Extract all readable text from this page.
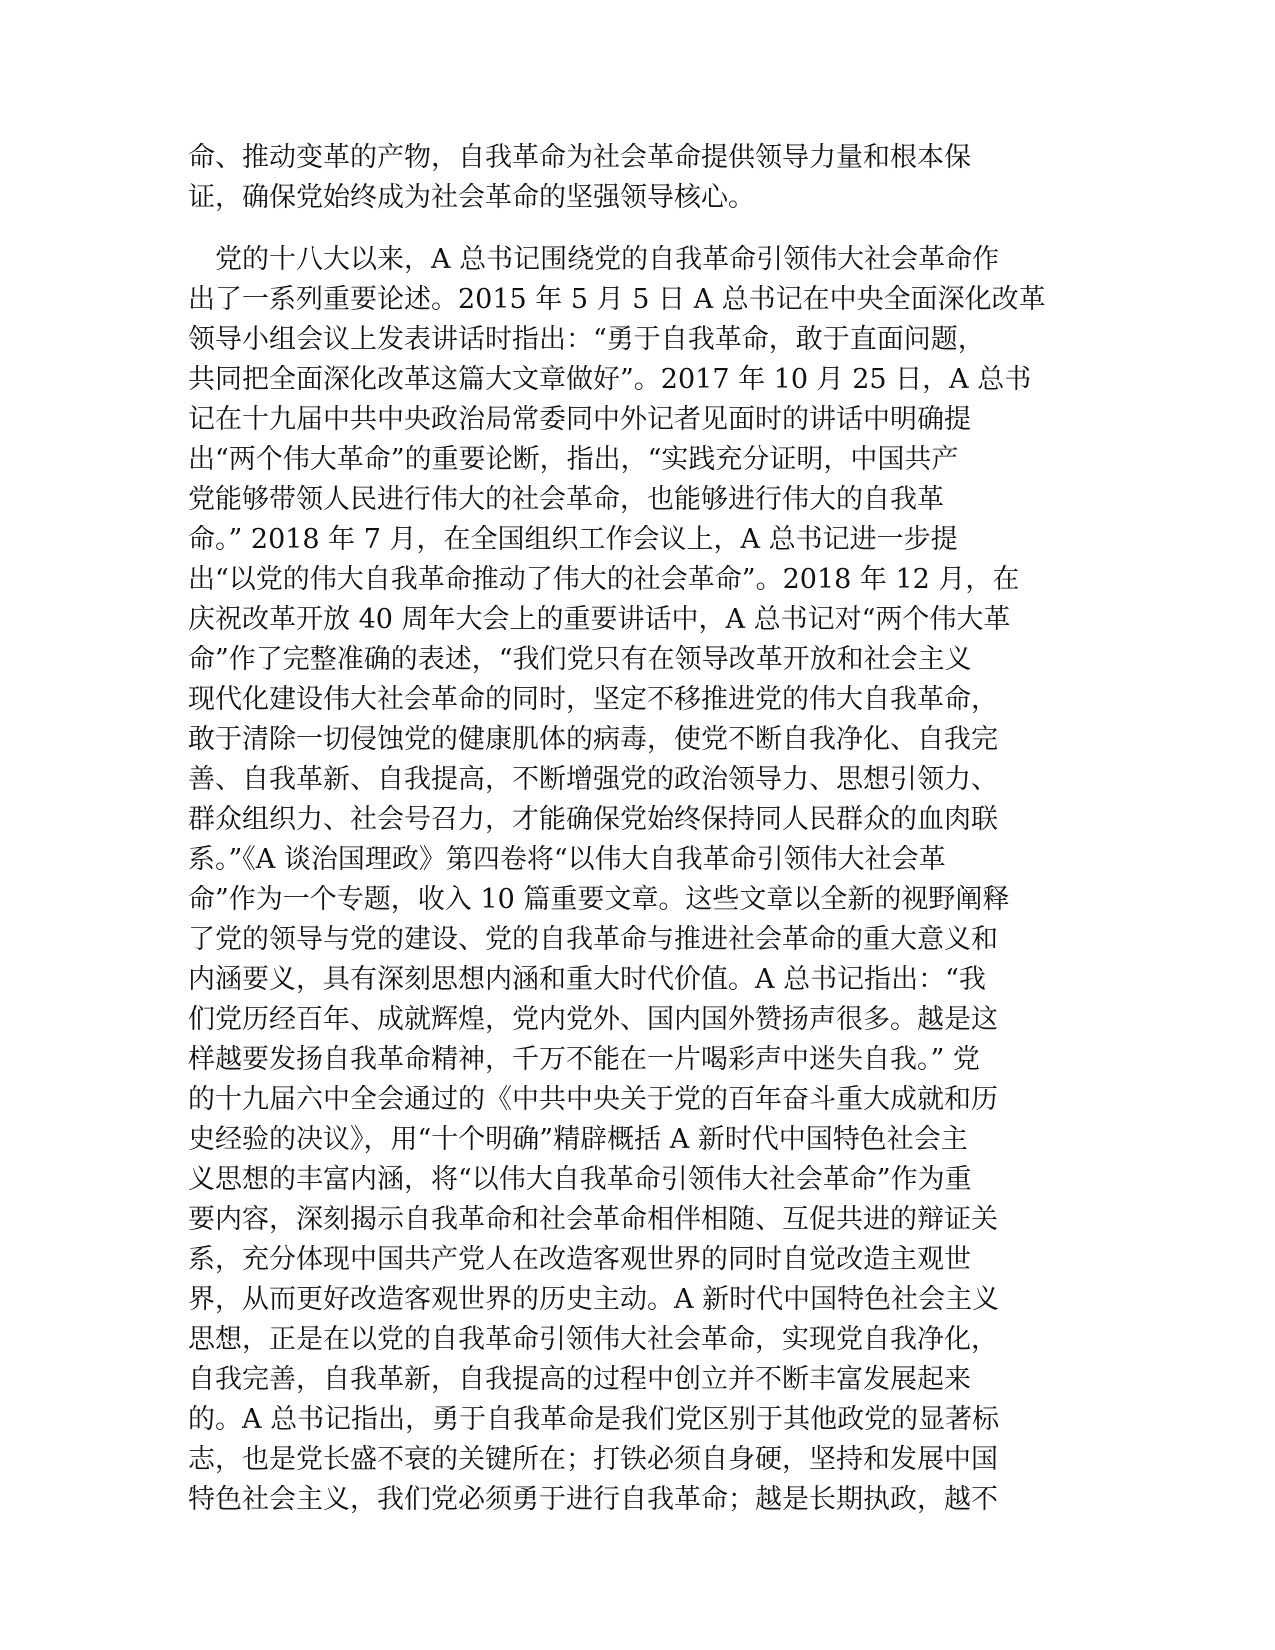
命、推动变革的产物，自我革命为社会革命提供领导力量和根本保
证，确保党始终成为社会革命的坚强领导核心。
　党的十八大以来，A 总书记围绕党的自我革命引领伟大社会革命作
出了一系列重要论述。2015 年 5 月 5 日 A 总书记在中央全面深化改革
领导小组会议上发表讲话时指出：“勇于自我革命，敢于直面问题，
共同把全面深化改革这篇大文章做好”。2017 年 10 月 25 日，A 总书
记在十九届中共中央政治局常委同中外记者见面时的讲话中明确提
出“两个伟大革命”的重要论断，指出，“实践充分证明，中国共产
党能够带领人民进行伟大的社会革命，也能够进行伟大的自我革
命。” 2018 年 7 月，在全国组织工作会议上，A 总书记进一步提
出“以党的伟大自我革命推动了伟大的社会革命”。2018 年 12 月，在
庆祝改革开放 40 周年大会上的重要讲话中，A 总书记对“两个伟大革
命”作了完整准确的表述，“我们党只有在领导改革开放和社会主义
现代化建设伟大社会革命的同时，坚定不移推进党的伟大自我革命，
敢于清除一切侵蚀党的健康肌体的病毒，使党不断自我净化、自我完
善、自我革新、自我提高，不断增强党的政治领导力、思想引领力、
群众组织力、社会号召力，才能确保党始终保持同人民群众的血肉联
系。”《A 谈治国理政》第四卷将“以伟大自我革命引领伟大社会革
命”作为一个专题，收入 10 篇重要文章。这些文章以全新的视野阐释
了党的领导与党的建设、党的自我革命与推进社会革命的重大意义和
内涵要义，具有深刻思想内涵和重大时代价值。A 总书记指出：“我
们党历经百年、成就辉煌，党内党外、国内国外赞扬声很多。越是这
样越要发扬自我革命精神，千万不能在一片喝彩声中迷失自我。” 党
的十九届六中全会通过的《中共中央关于党的百年奋斗重大成就和历
史经验的决议》，用“十个明确”精辟概括 A 新时代中国特色社会主
义思想的丰富内涵，将“以伟大自我革命引领伟大社会革命”作为重
要内容，深刻揭示自我革命和社会革命相伴相随、互促共进的辩证关
系，充分体现中国共产党人在改造客观世界的同时自觉改造主观世
界，从而更好改造客观世界的历史主动。A 新时代中国特色社会主义
思想，正是在以党的自我革命引领伟大社会革命，实现党自我净化，
自我完善，自我革新，自我提高的过程中创立并不断丰富发展起来
的。A 总书记指出，勇于自我革命是我们党区别于其他政党的显著标
志，也是党长盛不衰的关键所在；打铁必须自身硬，坚持和发展中国
特色社会主义，我们党必须勇于进行自我革命；越是长期执政，越不
